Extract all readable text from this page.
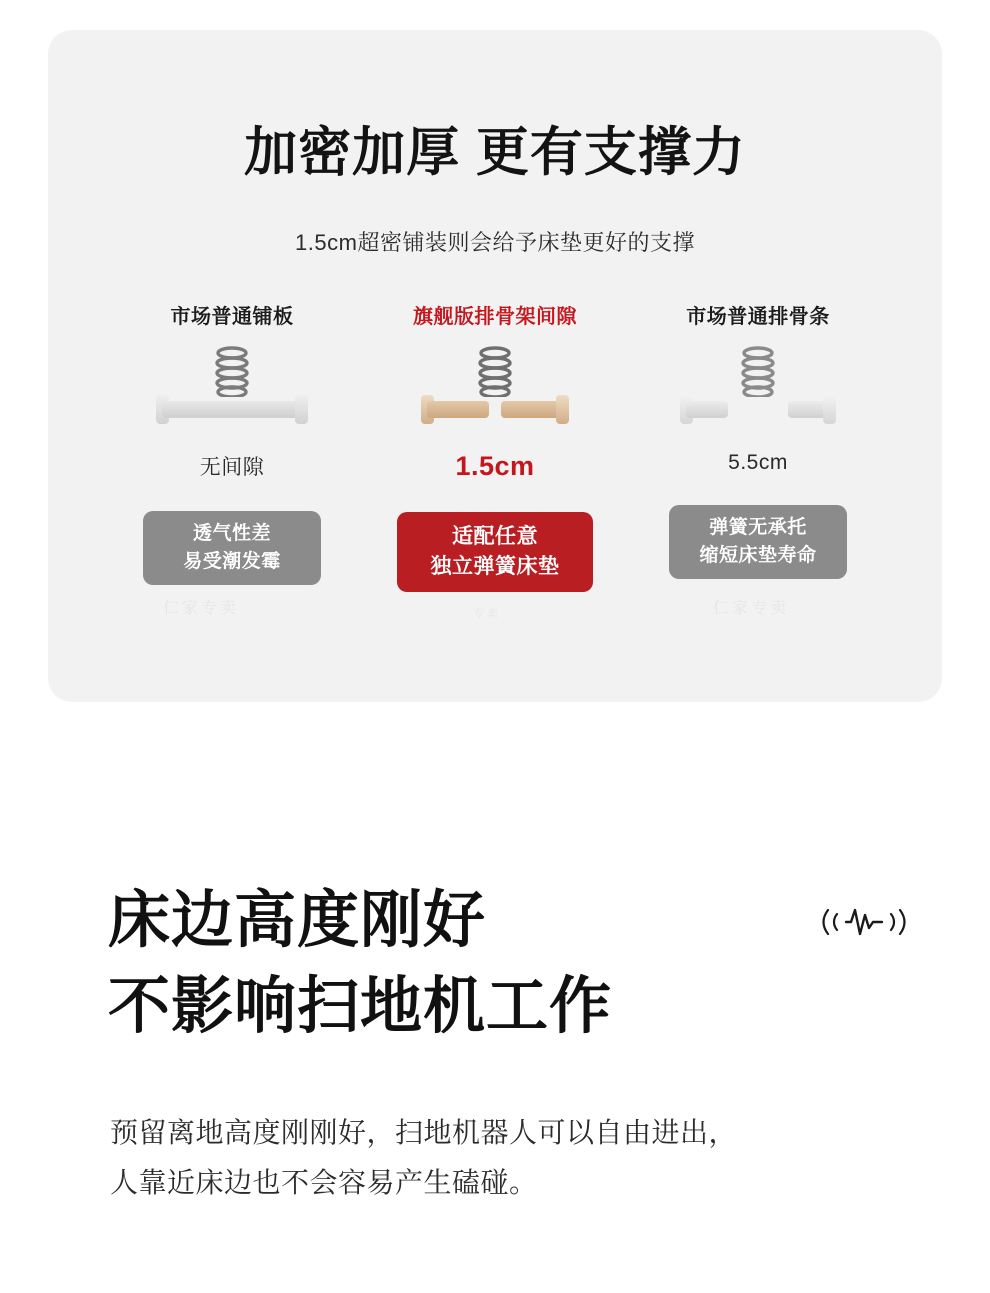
加密加厚 更有支撑力
1.5cm超密铺装则会给予床垫更好的支撑
市场普通铺板
无间隙
透气性差
易受潮发霉
旗舰版排骨架间隙
1.5cm
适配任意
独立弹簧床垫
市场普通排骨条
5.5cm
弹簧无承托
缩短床垫寿命
仁家专卖	仁家专卖
专卖
床边高度刚好
不影响扫地机工作
预留离地高度刚刚好，扫地机器人可以自由进出，
人靠近床边也不会容易产生磕碰。
